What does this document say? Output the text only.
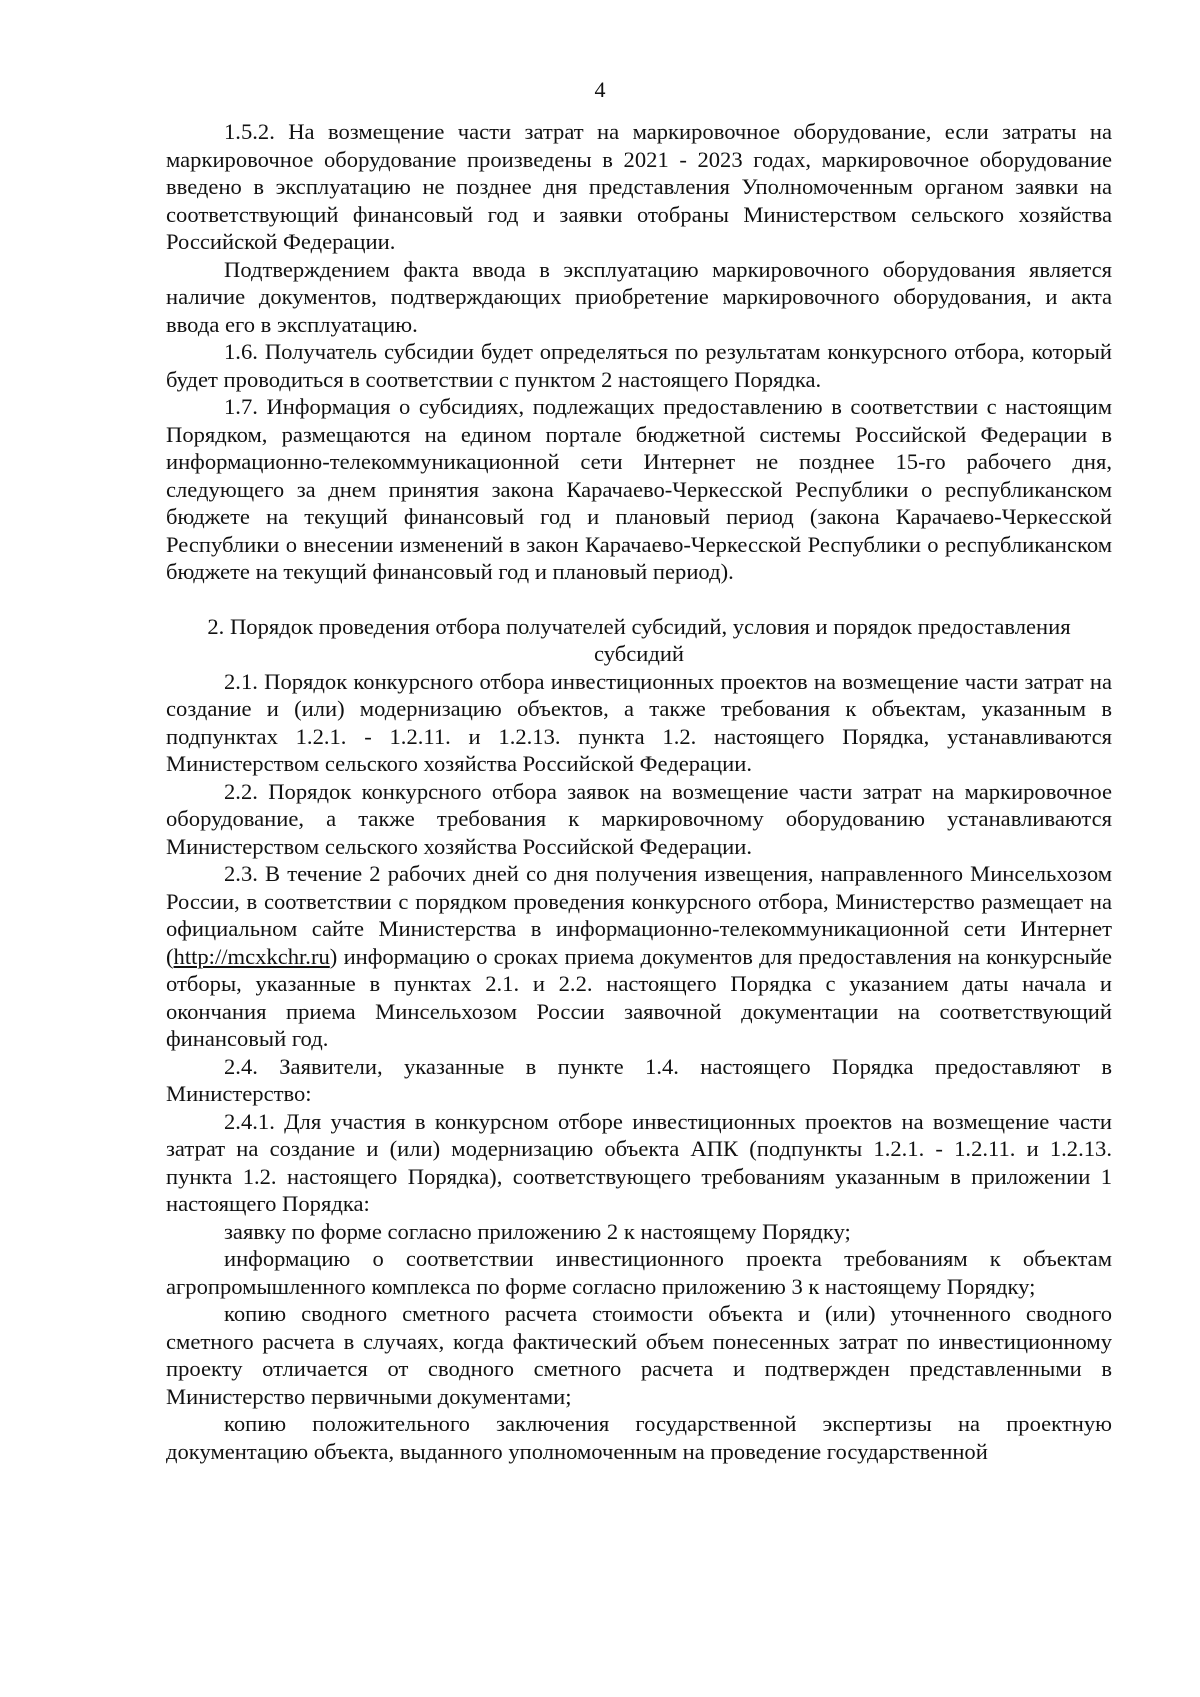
4

1.5.2. На возмещение части затрат на маркировочное оборудование, если затраты на маркировочное оборудование произведены в 2021 - 2023 годах, маркировочное оборудование введено в эксплуатацию не позднее дня представления Уполномоченным органом заявки на соответствующий финансовый год и заявки отобраны Министерством сельского хозяйства Российской Федерации.

Подтверждением факта ввода в эксплуатацию маркировочного оборудования является наличие документов, подтверждающих приобретение маркировочного оборудования, и акта ввода его в эксплуатацию.

1.6. Получатель субсидии будет определяться по результатам конкурсного отбора, который будет проводиться в соответствии с пунктом 2 настоящего Порядка.

1.7. Информация о субсидиях, подлежащих предоставлению в соответствии с настоящим Порядком, размещаются на едином портале бюджетной системы Российской Федерации в информационно-телекоммуникационной сети Интернет не позднее 15-го рабочего дня, следующего за днем принятия закона Карачаево-Черкесской Республики о республиканском бюджете на текущий финансовый год и плановый период (закона Карачаево-Черкесской Республики о внесении изменений в закон Карачаево-Черкесской Республики о республиканском бюджете на текущий финансовый год и плановый период).

2. Порядок проведения отбора получателей субсидий, условия и порядок предоставления субсидий

2.1. Порядок конкурсного отбора инвестиционных проектов на возмещение части затрат на создание и (или) модернизацию объектов, а также требования к объектам, указанным в подпунктах 1.2.1. - 1.2.11. и 1.2.13. пункта 1.2. настоящего Порядка, устанавливаются Министерством сельского хозяйства Российской Федерации.

2.2. Порядок конкурсного отбора заявок на возмещение части затрат на маркировочное оборудование, а также требования к маркировочному оборудованию устанавливаются Министерством сельского хозяйства Российской Федерации.

2.3. В течение 2 рабочих дней со дня получения извещения, направленного Минсельхозом России, в соответствии с порядком проведения конкурсного отбора, Министерство размещает на официальном сайте Министерства в информационно-телекоммуникационной сети Интернет (http://mcxkchr.ru) информацию о сроках приема документов для предоставления на конкурсныйе отборы, указанные в пунктах 2.1. и 2.2. настоящего Порядка с указанием даты начала и окончания приема Минсельхозом России заявочной документации на соответствующий финансовый год.

2.4. Заявители, указанные в пункте 1.4. настоящего Порядка предоставляют в Министерство:

2.4.1. Для участия в конкурсном отборе инвестиционных проектов на возмещение части затрат на создание и (или) модернизацию объекта АПК (подпункты 1.2.1. - 1.2.11. и 1.2.13. пункта 1.2. настоящего Порядка), соответствующего требованиям указанным в приложении 1 настоящего Порядка:

заявку по форме согласно приложению 2 к настоящему Порядку;

информацию о соответствии инвестиционного проекта требованиям к объектам агропромышленного комплекса по форме согласно приложению 3 к настоящему Порядку;

копию сводного сметного расчета стоимости объекта и (или) уточненного сводного сметного расчета в случаях, когда фактический объем понесенных затрат по инвестиционному проекту отличается от сводного сметного расчета и подтвержден представленными в Министерство первичными документами;

копию положительного заключения государственной экспертизы на проектную документацию объекта, выданного уполномоченным на проведение государственной
